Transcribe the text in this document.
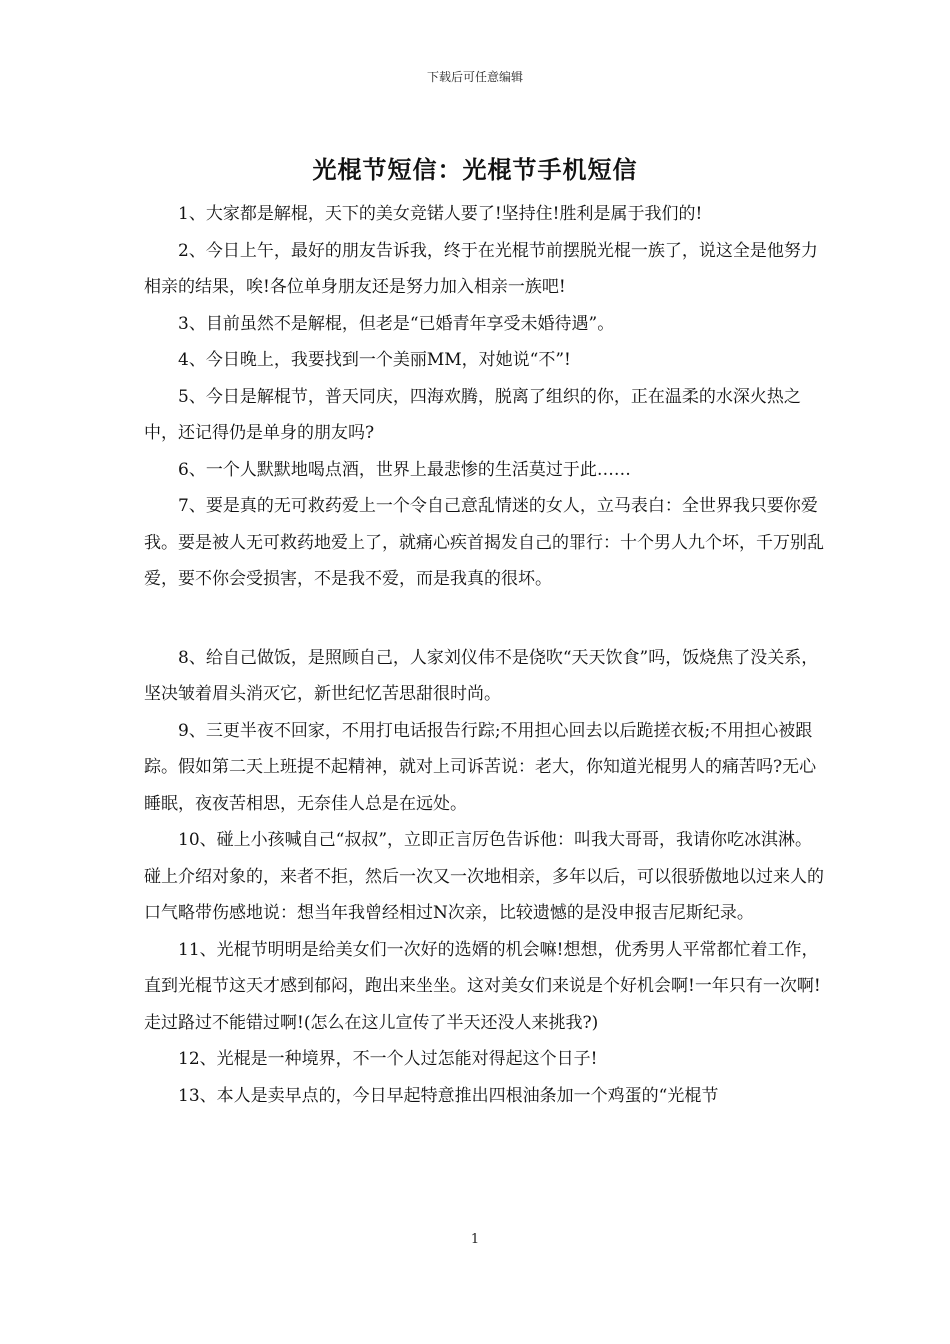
下载后可任意编辑
光棍节短信：光棍节手机短信

1、大家都是解棍，天下的美女竞锘人要了!坚持住!胜利是属于我们的!

2、今日上午，最好的朋友告诉我，终于在光棍节前摆脱光棍一族了，说这全是他努力相亲的结果，唉!各位单身朋友还是努力加入相亲一族吧!

3、目前虽然不是解棍，但老是“已婚青年享受未婚待遇”。

4、今日晚上，我要找到一个美丽MM，对她说“不”!

5、今日是解棍节，普天同庆，四海欢腾，脱离了组织的你，正在温柔的水深火热之中，还记得仍是单身的朋友吗?

6、一个人默默地喝点酒，世界上最悲惨的生活莫过于此……

7、要是真的无可救药爱上一个令自己意乱情迷的女人，立马表白：全世界我只要你爱我。要是被人无可救药地爱上了，就痛心疾首揭发自己的罪行：十个男人九个坏，千万别乱爱，要不你会受损害，不是我不爱，而是我真的很坏。

8、给自己做饭，是照顾自己，人家刘仪伟不是侥吹“天天饮食”吗，饭烧焦了没关系，坚决皱着眉头消灭它，新世纪忆苦思甜很时尚。

9、三更半夜不回家，不用打电话报告行踪;不用担心回去以后跪搓衣板;不用担心被跟踪。假如第二天上班提不起精神，就对上司诉苦说：老大，你知道光棍男人的痛苦吗?无心睡眠，夜夜苦相思，无奈佳人总是在远处。

10、碰上小孩喊自己“叔叔”，立即正言厉色告诉他：叫我大哥哥，我请你吃冰淇淋。碰上介绍对象的，来者不拒，然后一次又一次地相亲，多年以后，可以很骄傲地以过来人的口气略带伤感地说：想当年我曾经相过N次亲，比较遗憾的是没申报吉尼斯纪录。

11、光棍节明明是给美女们一次好的选婿的机会嘛!想想，优秀男人平常都忙着工作，直到光棍节这天才感到郁闷，跑出来坐坐。这对美女们来说是个好机会啊!一年只有一次啊!走过路过不能错过啊!(怎么在这儿宣传了半天还没人来挑我?)

12、光棍是一种境界，不一个人过怎能对得起这个日子!

13、本人是卖早点的，今日早起特意推出四根油条加一个鸡蛋的“光棍节

1
